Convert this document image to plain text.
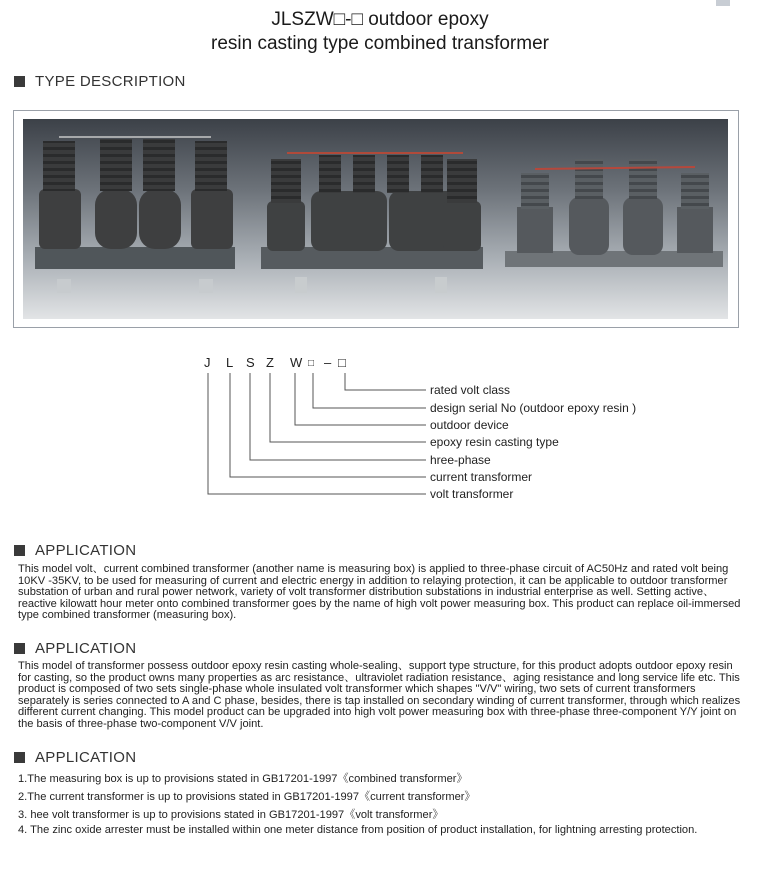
JLSZW□-□ outdoor epoxy
resin casting type combined transformer
TYPE DESCRIPTION
J L S Z W □ – □
rated volt class
design serial No (outdoor epoxy resin )
outdoor device
epoxy resin casting type
hree-phase
current transformer
volt transformer
APPLICATION

This model volt、current combined transformer (another name is measuring box) is applied to three-phase circuit of AC50Hz and rated volt being 10KV -35KV, to be used for measuring of current and electric energy in addition to relaying protection, it can be applicable to outdoor transformer substation of urban and rural power network, variety of volt transformer distribution substations in industrial enterprise as well. Setting active、reactive kilowatt hour meter onto combined transformer goes by the name of high volt power measuring box. This product can replace oil-immersed type combined transformer (measuring box).

APPLICATION

This model of transformer possess outdoor epoxy resin casting whole-sealing、support type structure, for this product adopts outdoor epoxy resin for casting, so the product owns many properties as arc resistance、ultraviolet radiation resistance、aging resistance and long service life etc. This product is composed of two sets single-phase whole insulated volt transformer which shapes "V/V" wiring, two sets of current transformers separately is series connected to A and C phase, besides, there is tap installed on secondary winding of current transformer, through which realizes different current changing. This model product can be upgraded into high volt power measuring box with three-phase three-component Y/Y joint on the basis of three-phase two-component V/V joint.

APPLICATION
1.The measuring box is up to provisions stated in GB17201-1997《combined transformer》
2.The current transformer is up to provisions stated in GB17201-1997《current transformer》
3. hee volt transformer is up to provisions stated in GB17201-1997《volt transformer》
4. The zinc oxide arrester must be installed within one meter distance from position of product installation, for lightning arresting protection.
